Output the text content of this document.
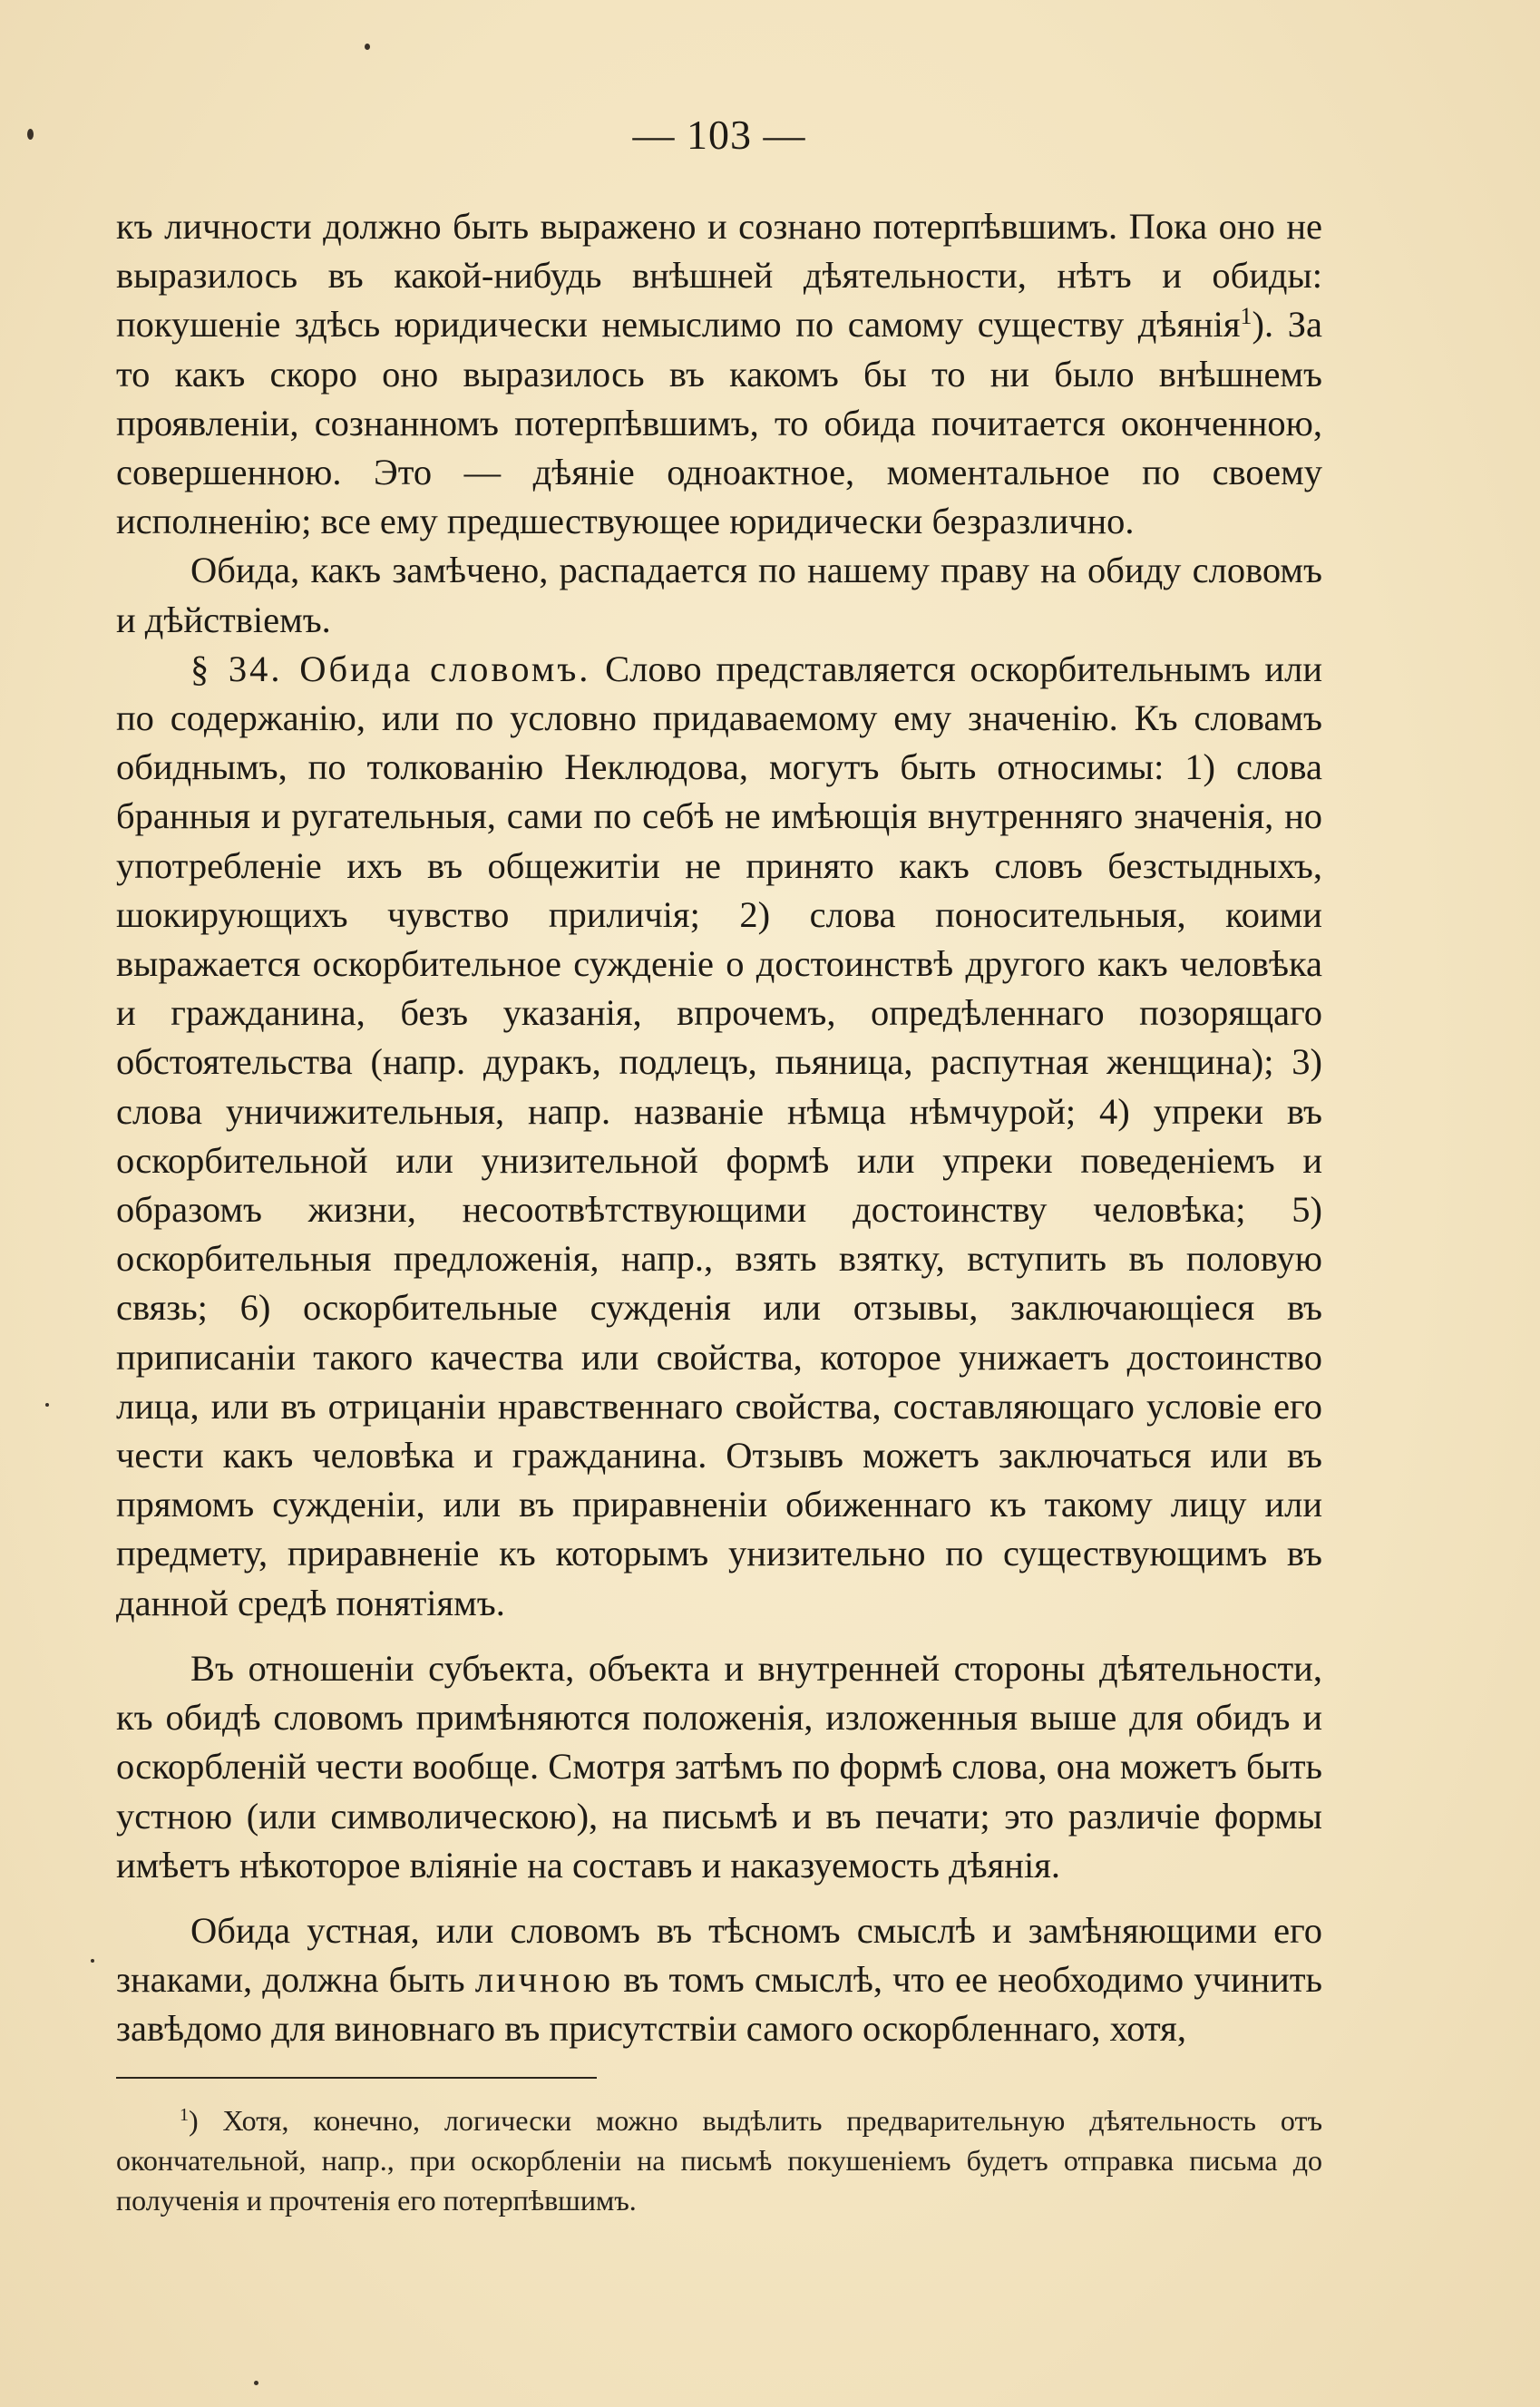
— 103 —

къ личности должно быть выражено и сознано потерпѣвшимъ. Пока оно не выразилось въ какой-нибудь внѣшней дѣятельности, нѣтъ и обиды: покушеніе здѣсь юридически немыслимо по самому существу дѣянія$^1$). За то какъ скоро оно выразилось въ какомъ бы то ни было внѣшнемъ проявленіи, сознанномъ потерпѣвшимъ, то обида почитается оконченною, совершенною. Это — дѣяніе одноактное, моментальное по своему исполненію; все ему предшествующее юридически безразлично.

Обида, какъ замѣчено, распадается по нашему праву на обиду словомъ и дѣйствіемъ.

§ 34. Обида словомъ. Слово представляется оскорбительнымъ или по содержанію, или по условно придаваемому ему значенію. Къ словамъ обиднымъ, по толкованію Неклюдова, могутъ быть относимы: 1) слова бранныя и ругательныя, сами по себѣ не имѣющія внутренняго значенія, но употребленіе ихъ въ общежитіи не принято какъ словъ безстыдныхъ, шокирующихъ чувство приличія; 2) слова поносительныя, коими выражается оскорбительное сужденіе о достоинствѣ другого какъ человѣка и гражданина, безъ указанія, впрочемъ, опредѣленнаго позорящаго обстоятельства (напр. дуракъ, подлецъ, пьяница, распутная женщина); 3) слова уничижительныя, напр. названіе нѣмца нѣмчурой; 4) упреки въ оскорбительной или унизительной формѣ или упреки поведеніемъ и образомъ жизни, несоотвѣтствующими достоинству человѣка; 5) оскорбительныя предложенія, напр., взять взятку, вступить въ половую связь; 6) оскорбительные сужденія или отзывы, заключающіеся въ приписаніи такого качества или свойства, которое унижаетъ достоинство лица, или въ отрицаніи нравственнаго свойства, составляющаго условіе его чести какъ человѣка и гражданина. Отзывъ можетъ заключаться или въ прямомъ сужденіи, или въ приравненіи обиженнаго къ такому лицу или предмету, приравненіе къ которымъ унизительно по существующимъ въ данной средѣ понятіямъ.

Въ отношеніи субъекта, объекта и внутренней стороны дѣятельности, къ обидѣ словомъ примѣняются положенія, изложенныя выше для обидъ и оскорбленій чести вообще. Смотря затѣмъ по формѣ слова, она можетъ быть устною (или символическою), на письмѣ и въ печати; это различіе формы имѣетъ нѣкоторое вліяніе на составъ и наказуемость дѣянія.

Обида устная, или словомъ въ тѣсномъ смыслѣ и замѣняющими его знаками, должна быть личною въ томъ смыслѣ, что ее необходимо учинить завѣдомо для виновнаго въ присутствіи самого оскорбленнаго, хотя,

$^1$) Хотя, конечно, логически можно выдѣлить предварительную дѣятельность отъ окончательной, напр., при оскорбленіи на письмѣ покушеніемъ будетъ отправка письма до полученія и прочтенія его потерпѣвшимъ.
